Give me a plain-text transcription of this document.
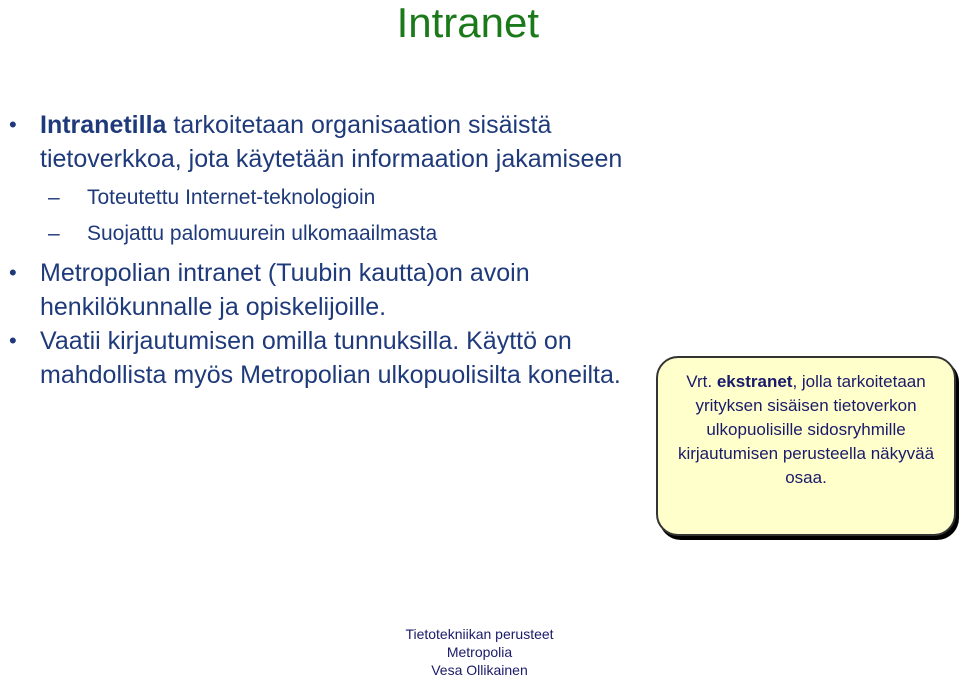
Intranet
• Intranetilla tarkoitetaan organisaation sisäistä tietoverkkoa, jota käytetään informaation jakamiseen
– Toteutettu Internet-teknologioin
– Suojattu palomuurein ulkomaailmasta
• Metropolian intranet (Tuubin kautta)on avoin henkilökunnalle ja opiskelijoille.
• Vaatii kirjautumisen omilla tunnuksilla. Käyttö on mahdollista myös Metropolian ulkopuolisilta koneilta.	Vrt. ekstranet, jolla tarkoitetaan yrityksen sisäisen tietoverkon ulkopuolisille sidosryhmille kirjautumisen perusteella näkyvää osaa.
Tietotekniikan perusteet
Metropolia
Vesa Ollikainen
